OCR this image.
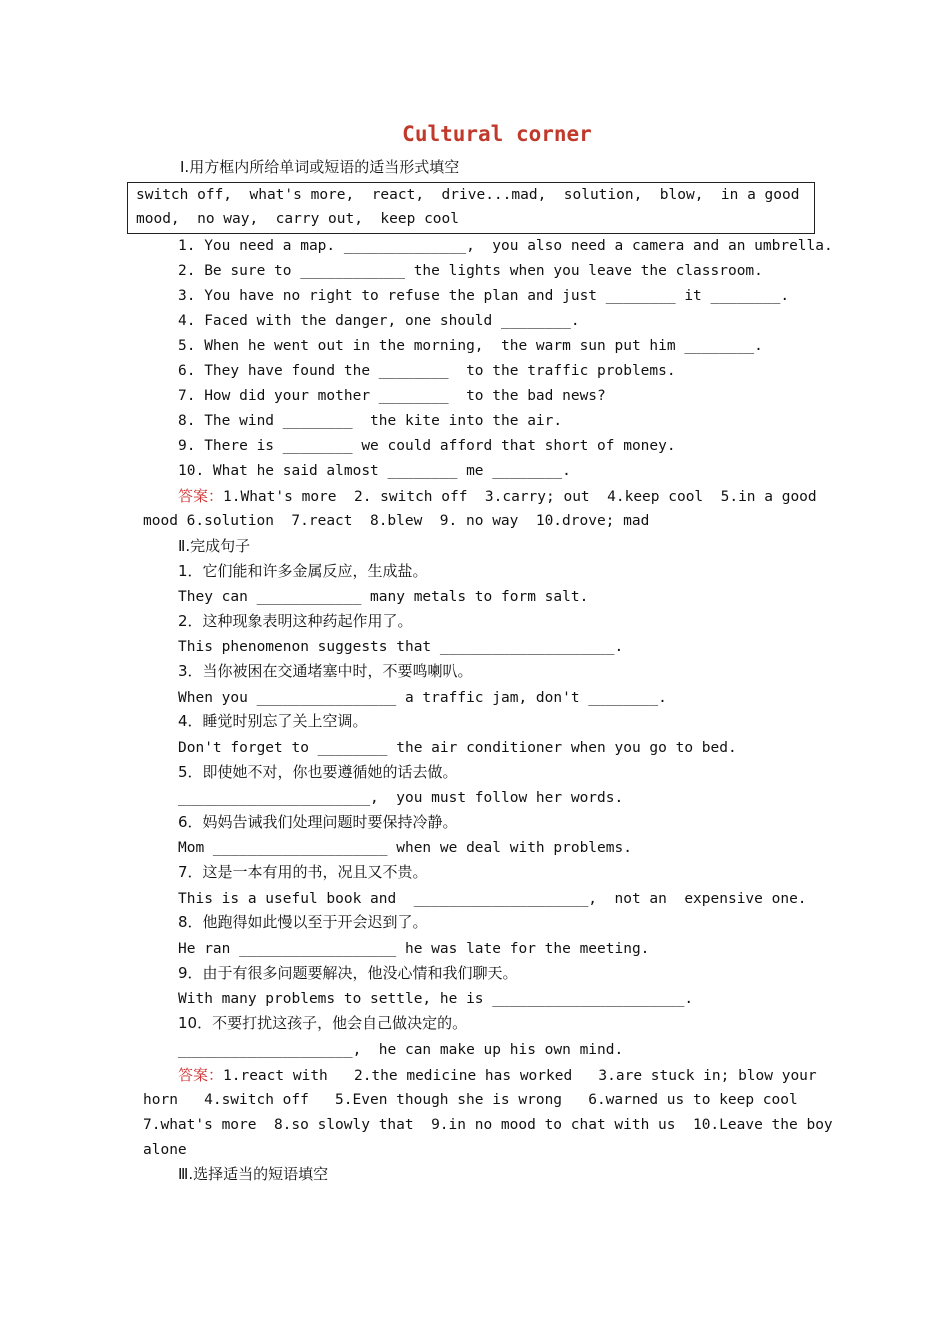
Cultural corner
Ⅰ.用方框内所给单词或短语的适当形式填空
switch off,  what's more,  react,  drive...mad,  solution,  blow,  in a good
mood,  no way,  carry out,  keep cool
1. You need a map. ______________,  you also need a camera and an umbrella.
2. Be sure to ____________ the lights when you leave the classroom.
3. You have no right to refuse the plan and just ________ it ________.
4. Faced with the danger, one should ________.
5. When he went out in the morning,  the warm sun put him ________.
6. They have found the ________  to the traffic problems.
7. How did your mother ________  to the bad news?
8. The wind ________  the kite into the air.
9. There is ________ we could afford that short of money.
10. What he said almost ________ me ________.
答案：1.What's more  2. switch off  3.carry; out  4.keep cool  5.in a good
mood 6.solution  7.react  8.blew  9. no way  10.drove; mad
Ⅱ.完成句子
1．它们能和许多金属反应，生成盐。
They can ____________ many metals to form salt.
2．这种现象表明这种药起作用了。
This phenomenon suggests that ____________________.
3．当你被困在交通堵塞中时，不要鸣喇叭。
When you ________________ a traffic jam, don't ________.
4．睡觉时别忘了关上空调。
Don't forget to ________ the air conditioner when you go to bed.
5．即使她不对，你也要遵循她的话去做。
______________________,  you must follow her words.
6．妈妈告诫我们处理问题时要保持冷静。
Mom ____________________ when we deal with problems.
7．这是一本有用的书，况且又不贵。
This is a useful book and  ____________________,  not an  expensive one.
8．他跑得如此慢以至于开会迟到了。
He ran __________________ he was late for the meeting.
9．由于有很多问题要解决，他没心情和我们聊天。
With many problems to settle, he is ______________________.
10．不要打扰这孩子，他会自己做决定的。
____________________,  he can make up his own mind.
答案：1.react with   2.the medicine has worked   3.are stuck in; blow your
horn   4.switch off   5.Even though she is wrong   6.warned us to keep cool
7.what's more  8.so slowly that  9.in no mood to chat with us  10.Leave the boy
alone
Ⅲ.选择适当的短语填空
